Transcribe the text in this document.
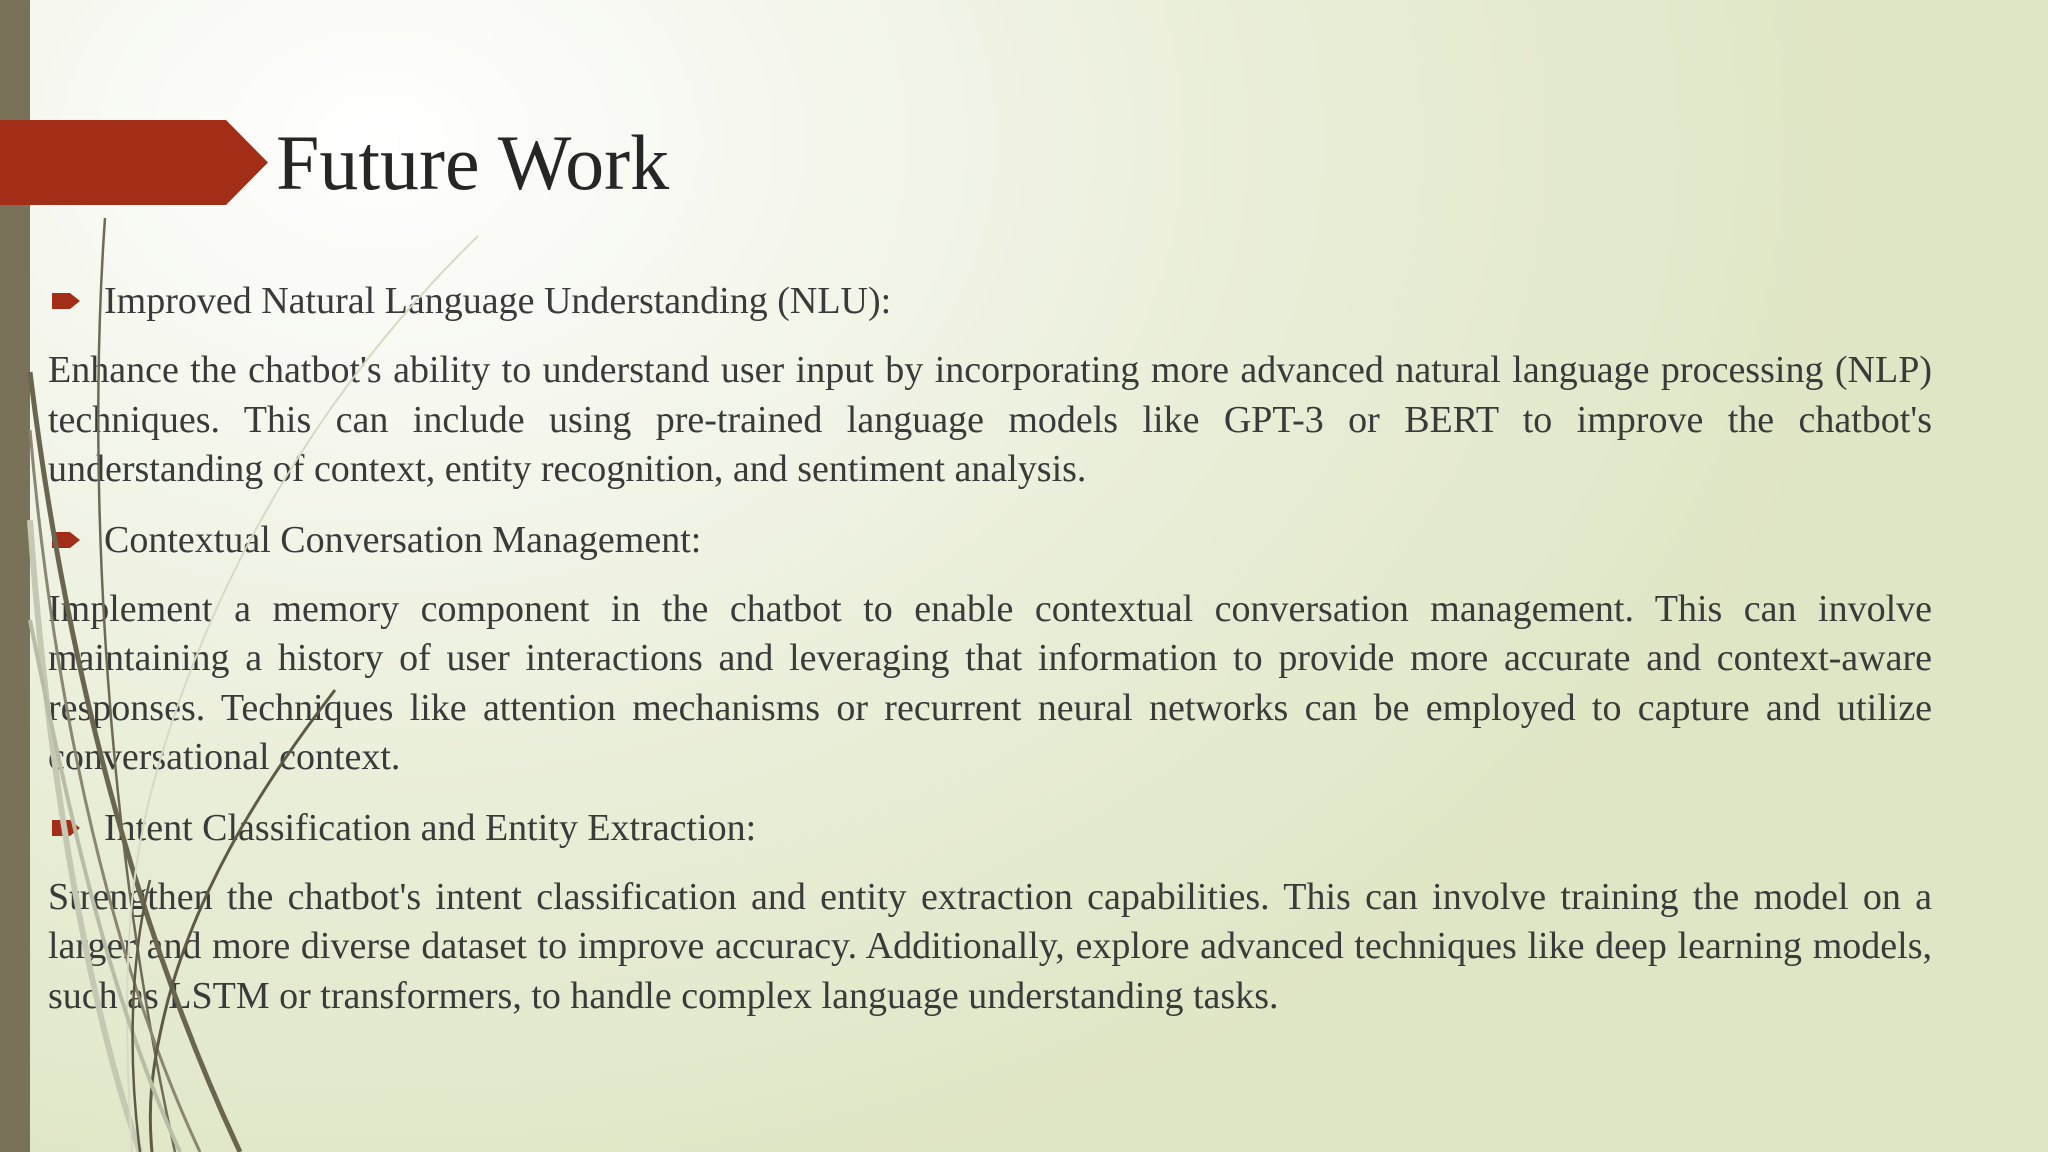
Future Work
Improved Natural Language Understanding (NLU):

Enhance the chatbot's ability to understand user input by incorporating more advanced natural language processing (NLP) techniques. This can include using pre-trained language models like GPT-3 or BERT to improve the chatbot's understanding of context, entity recognition, and sentiment analysis.

Contextual Conversation Management:

Implement a memory component in the chatbot to enable contextual conversation management. This can involve maintaining a history of user interactions and leveraging that information to provide more accurate and context-aware responses. Techniques like attention mechanisms or recurrent neural networks can be employed to capture and utilize conversational context.

Intent Classification and Entity Extraction:

Strengthen the chatbot's intent classification and entity extraction capabilities. This can involve training the model on a larger and more diverse dataset to improve accuracy. Additionally, explore advanced techniques like deep learning models, such as LSTM or transformers, to handle complex language understanding tasks.
